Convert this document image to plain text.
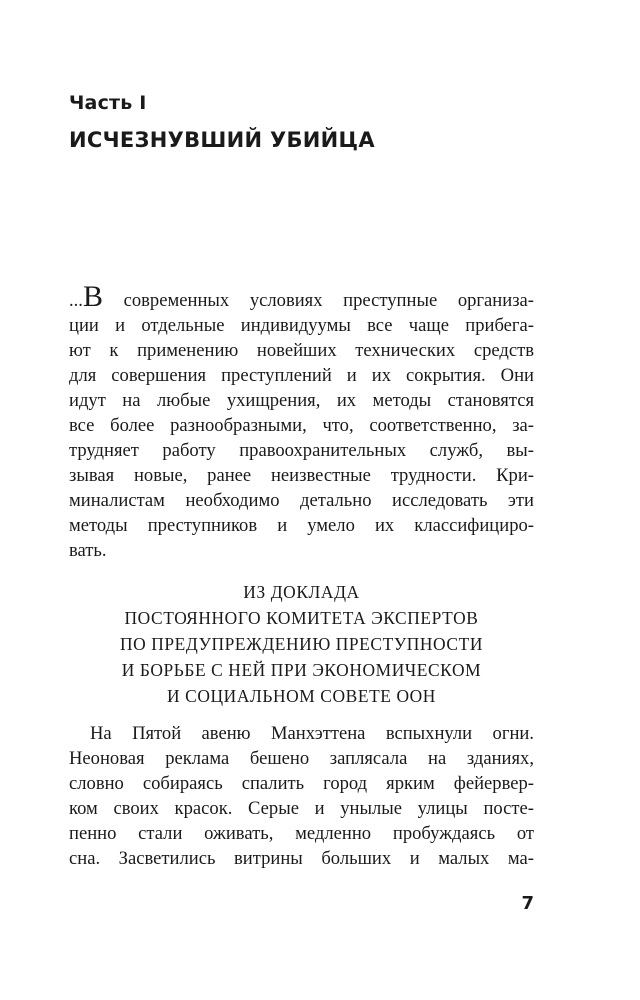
Часть I
ИСЧЕЗНУВШИЙ УБИЙЦА
...В современных условиях преступные организа-
ции и отдельные индивидуумы все чаще прибега-
ют к применению новейших технических средств
для совершения преступлений и их сокрытия. Они
идут на любые ухищрения, их методы становятся
все более разнообразными, что, соответственно, за-
трудняет работу правоохранительных служб, вы-
зывая новые, ранее неизвестные трудности. Кри-
миналистам необходимо детально исследовать эти
методы преступников и умело их классифициро-
вать.
ИЗ ДОКЛАДА
ПОСТОЯННОГО КОМИТЕТА ЭКСПЕРТОВ
ПО ПРЕДУПРЕЖДЕНИЮ ПРЕСТУПНОСТИ
И БОРЬБЕ С НЕЙ ПРИ ЭКОНОМИЧЕСКОМ
И СОЦИАЛЬНОМ СОВЕТЕ ООН
На Пятой авеню Манхэттена вспыхнули огни.
Неоновая реклама бешено заплясала на зданиях,
словно собираясь спалить город ярким фейервер-
ком своих красок. Серые и унылые улицы посте-
пенно стали оживать, медленно пробуждаясь от
сна. Засветились витрины больших и малых ма-
7
